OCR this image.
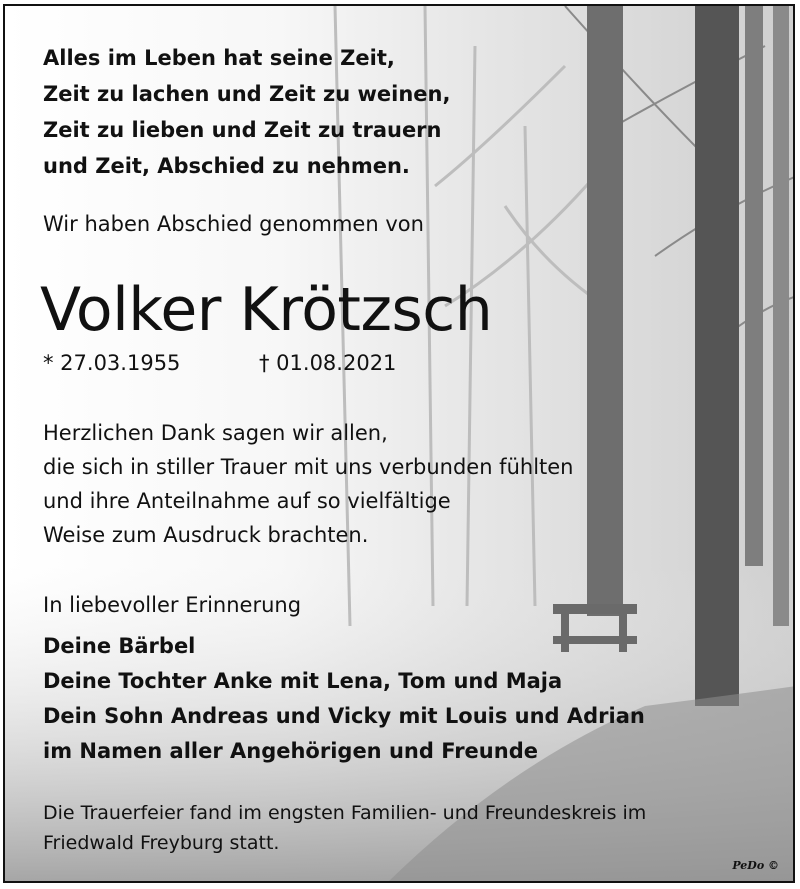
Alles im Leben hat seine Zeit,
Zeit zu lachen und Zeit zu weinen,
Zeit zu lieben und Zeit zu trauern
und Zeit, Abschied zu nehmen.
Wir haben Abschied genommen von
Volker Krötzsch
* 27.03.1955	† 01.08.2021
Herzlichen Dank sagen wir allen,
die sich in stiller Trauer mit uns verbunden fühlten
und ihre Anteilnahme auf so vielfältige
Weise zum Ausdruck brachten.
In liebevoller Erinnerung
Deine Bärbel
Deine Tochter Anke mit Lena, Tom und Maja
Dein Sohn Andreas und Vicky mit Louis und Adrian
im Namen aller Angehörigen und Freunde
Die Trauerfeier fand im engsten Familien- und Freundeskreis im
Friedwald Freyburg statt.
PeDo ©
